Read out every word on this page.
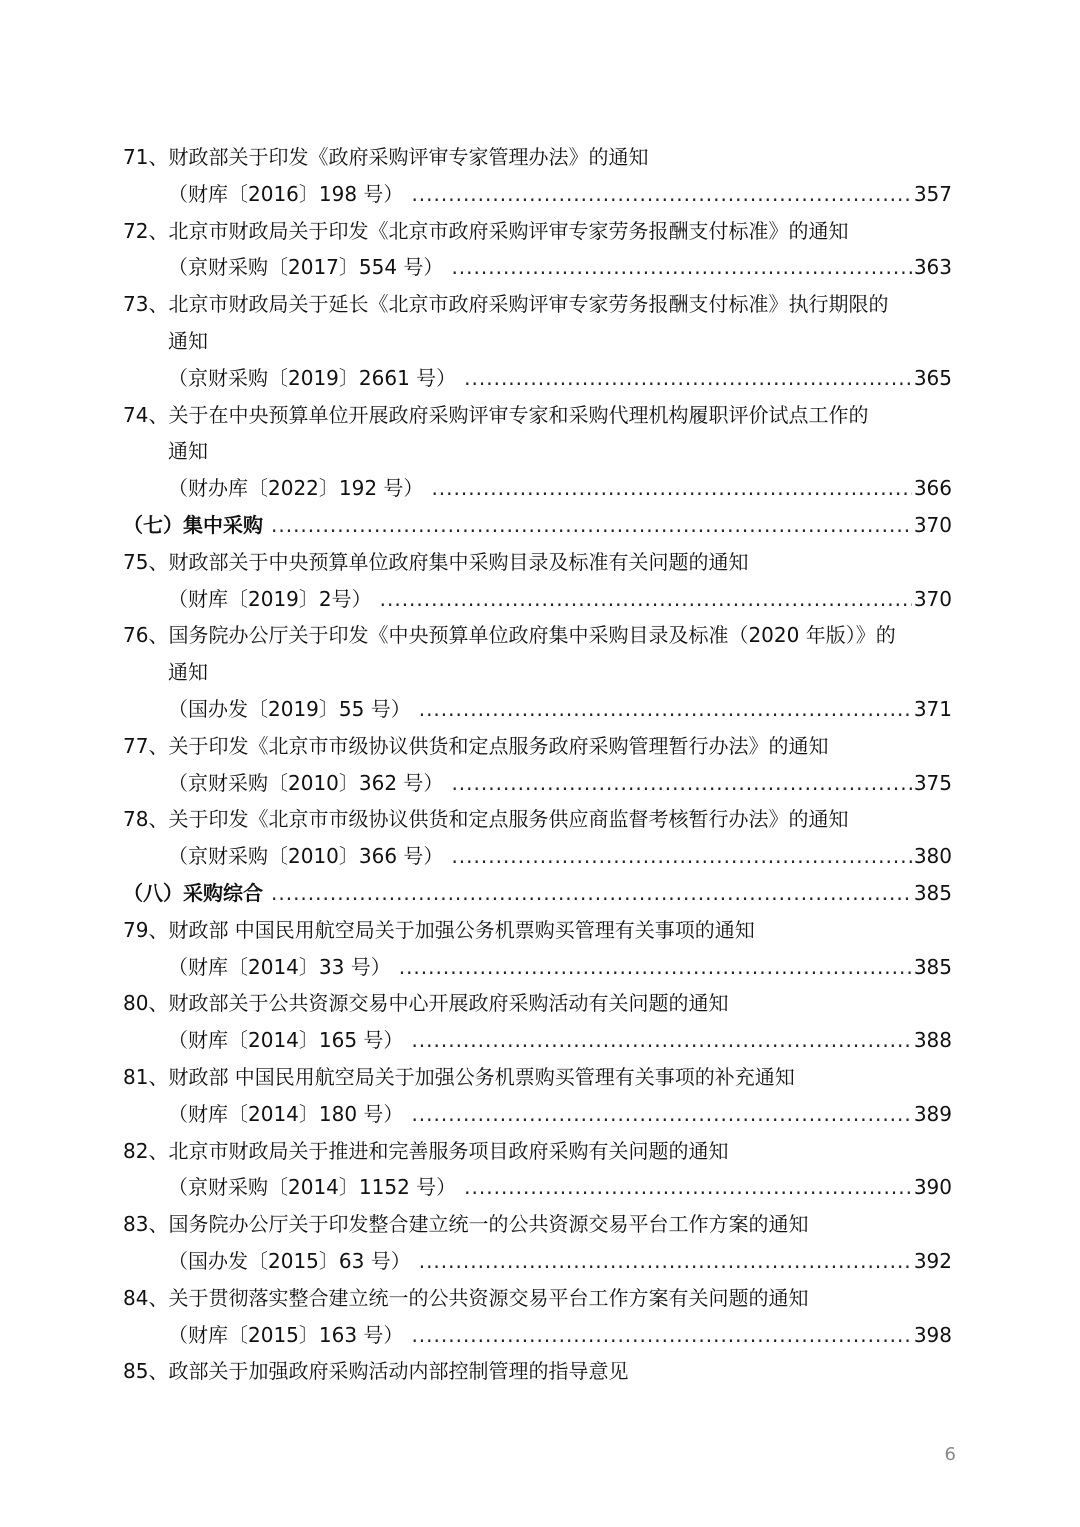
71、财政部关于印发《政府采购评审专家管理办法》的通知
（财库〔2016〕198 号） .....	357
72、北京市财政局关于印发《北京市政府采购评审专家劳务报酬支付标准》的通知
（京财采购〔2017〕554 号） .....	363
73、北京市财政局关于延长《北京市政府采购评审专家劳务报酬支付标准》执行期限的
通知
（京财采购〔2019〕2661 号） .....	365
74、关于在中央预算单位开展政府采购评审专家和采购代理机构履职评价试点工作的
通知
（财办库〔2022〕192 号） .....	366
（七）集中采购 .....	370
75、财政部关于中央预算单位政府集中采购目录及标准有关问题的通知
（财库〔2019〕2号） .....	370
76、国务院办公厅关于印发《中央预算单位政府集中采购目录及标准（2020 年版）》的
通知
（国办发〔2019〕55 号） .....	371
77、关于印发《北京市市级协议供货和定点服务政府采购管理暂行办法》的通知
（京财采购〔2010〕362 号） .....	375
78、关于印发《北京市市级协议供货和定点服务供应商监督考核暂行办法》的通知
（京财采购〔2010〕366 号） .....	380
（八）采购综合 .....	385
79、财政部 中国民用航空局关于加强公务机票购买管理有关事项的通知
（财库〔2014〕33 号） .....	385
80、财政部关于公共资源交易中心开展政府采购活动有关问题的通知
（财库〔2014〕165 号） .....	388
81、财政部 中国民用航空局关于加强公务机票购买管理有关事项的补充通知
（财库〔2014〕180 号） .....	389
82、北京市财政局关于推进和完善服务项目政府采购有关问题的通知
（京财采购〔2014〕1152 号） .....	390
83、国务院办公厅关于印发整合建立统一的公共资源交易平台工作方案的通知
（国办发〔2015〕63 号） .....	392
84、关于贯彻落实整合建立统一的公共资源交易平台工作方案有关问题的通知
（财库〔2015〕163 号） .....	398
85、政部关于加强政府采购活动内部控制管理的指导意见
6
